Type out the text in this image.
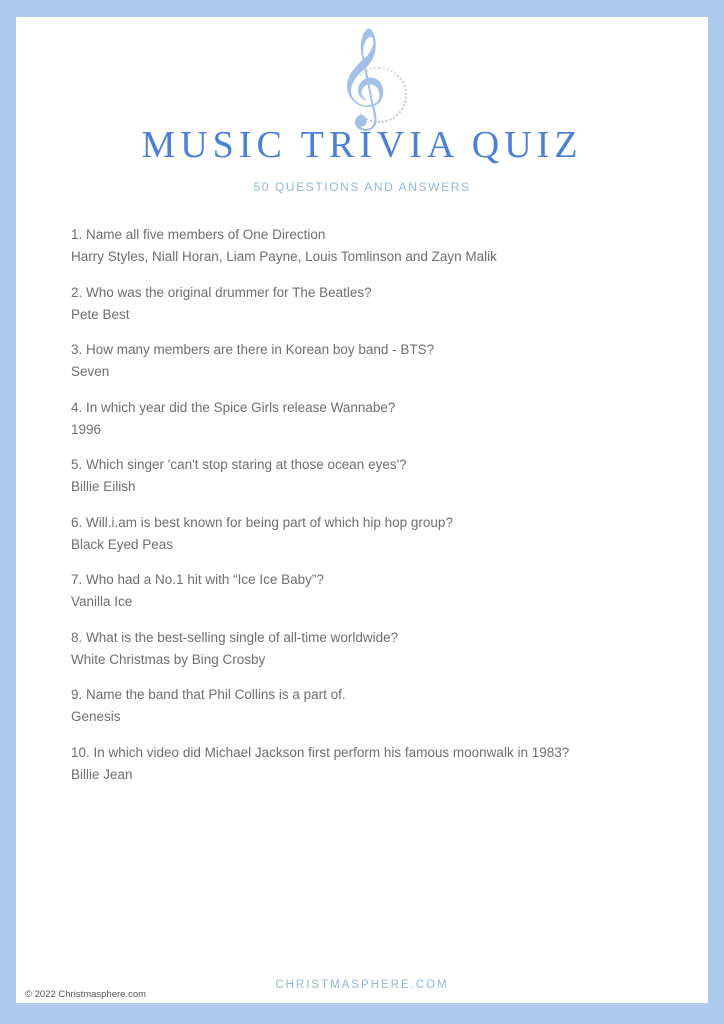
𝄞
MUSIC TRIVIA QUIZ
50 QUESTIONS AND ANSWERS
1. Name all five members of One Direction
Harry Styles, Niall Horan, Liam Payne, Louis Tomlinson and Zayn Malik
2. Who was the original drummer for The Beatles?
Pete Best
3. How many members are there in Korean boy band - BTS?
Seven
4. In which year did the Spice Girls release Wannabe?
1996
5. Which singer 'can't stop staring at those ocean eyes'?
Billie Eilish
6. Will.i.am is best known for being part of which hip hop group?
Black Eyed Peas
7. Who had a No.1 hit with “Ice Ice Baby”?
Vanilla Ice
8. What is the best-selling single of all-time worldwide?
White Christmas by Bing Crosby
9. Name the band that Phil Collins is a part of.
Genesis
10. In which video did Michael Jackson first perform his famous moonwalk in 1983?
Billie Jean
CHRISTMASPHERE.COM
© 2022 Christmasphere.com
